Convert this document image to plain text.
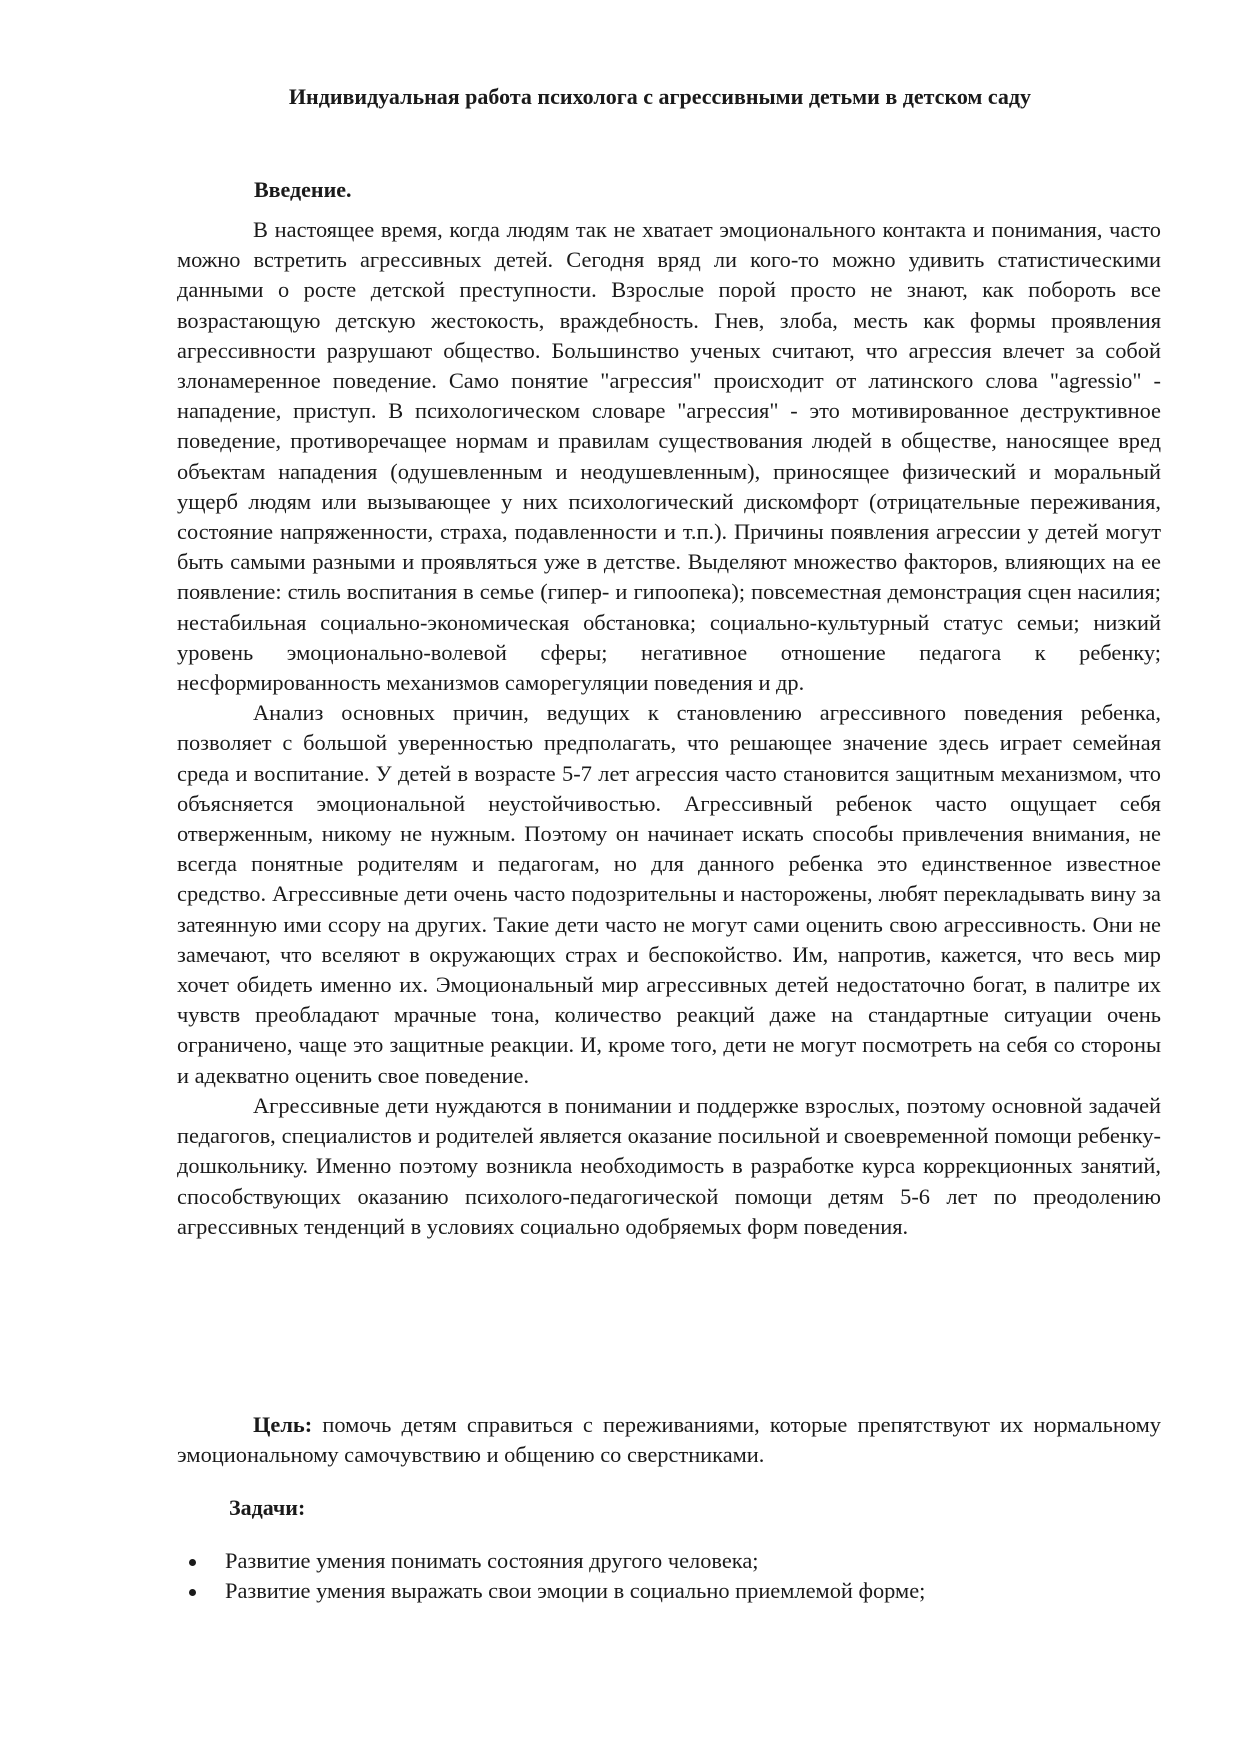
Индивидуальная работа психолога с агрессивными детьми в детском саду
Введение.

В настоящее время, когда людям так не хватает эмоционального контакта и понимания, часто можно встретить агрессивных детей. Сегодня вряд ли кого-то можно удивить статистическими данными о росте детской преступности. Взрослые порой просто не знают, как побороть все возрастающую детскую жестокость, враждебность. Гнев, злоба, месть как формы проявления агрессивности разрушают общество. Большинство ученых считают, что агрессия влечет за собой злонамеренное поведение. Само понятие "агрессия" происходит от латинского слова "agressio" - нападение, приступ. В психологическом словаре "агрессия" - это мотивированное деструктивное поведение, противоречащее нормам и правилам существования людей в обществе, наносящее вред объектам нападения (одушевленным и неодушевленным), приносящее физический и моральный ущерб людям или вызывающее у них психологический дискомфорт (отрицательные переживания, состояние напряженности, страха, подавленности и т.п.). Причины появления агрессии у детей могут быть самыми разными и проявляться уже в детстве. Выделяют множество факторов, влияющих на ее появление: стиль воспитания в семье (гипер- и гипоопека); повсеместная демонстрация сцен насилия; нестабильная социально-экономическая обстановка; социально-культурный статус семьи; низкий уровень эмоционально-волевой сферы; негативное отношение педагога к ребенку; несформированность механизмов саморегуляции поведения и др.

Анализ основных причин, ведущих к становлению агрессивного поведения ребенка, позволяет с большой уверенностью предполагать, что решающее значение здесь играет семейная среда и воспитание. У детей в возрасте 5-7 лет агрессия часто становится защитным механизмом, что объясняется эмоциональной неустойчивостью. Агрессивный ребенок часто ощущает себя отверженным, никому не нужным. Поэтому он начинает искать способы привлечения внимания, не всегда понятные родителям и педагогам, но для данного ребенка это единственное известное средство. Агрессивные дети очень часто подозрительны и насторожены, любят перекладывать вину за затеянную ими ссору на других. Такие дети часто не могут сами оценить свою агрессивность. Они не замечают, что вселяют в окружающих страх и беспокойство. Им, напротив, кажется, что весь мир хочет обидеть именно их. Эмоциональный мир агрессивных детей недостаточно богат, в палитре их чувств преобладают мрачные тона, количество реакций даже на стандартные ситуации очень ограничено, чаще это защитные реакции. И, кроме того, дети не могут посмотреть на себя со стороны и адекватно оценить свое поведение.

Агрессивные дети нуждаются в понимании и поддержке взрослых, поэтому основной задачей педагогов, специалистов и родителей является оказание посильной и своевременной помощи ребенку-дошкольнику. Именно поэтому возникла необходимость в разработке курса коррекционных занятий, способствующих оказанию психолого-педагогической помощи детям 5-6 лет по преодолению агрессивных тенденций в условиях социально одобряемых форм поведения.

Цель: помочь детям справиться с переживаниями, которые препятствуют их нормальному эмоциональному самочувствию и общению со сверстниками.

Задачи:
Развитие умения понимать состояния другого человека;
Развитие умения выражать свои эмоции в социально приемлемой форме;
